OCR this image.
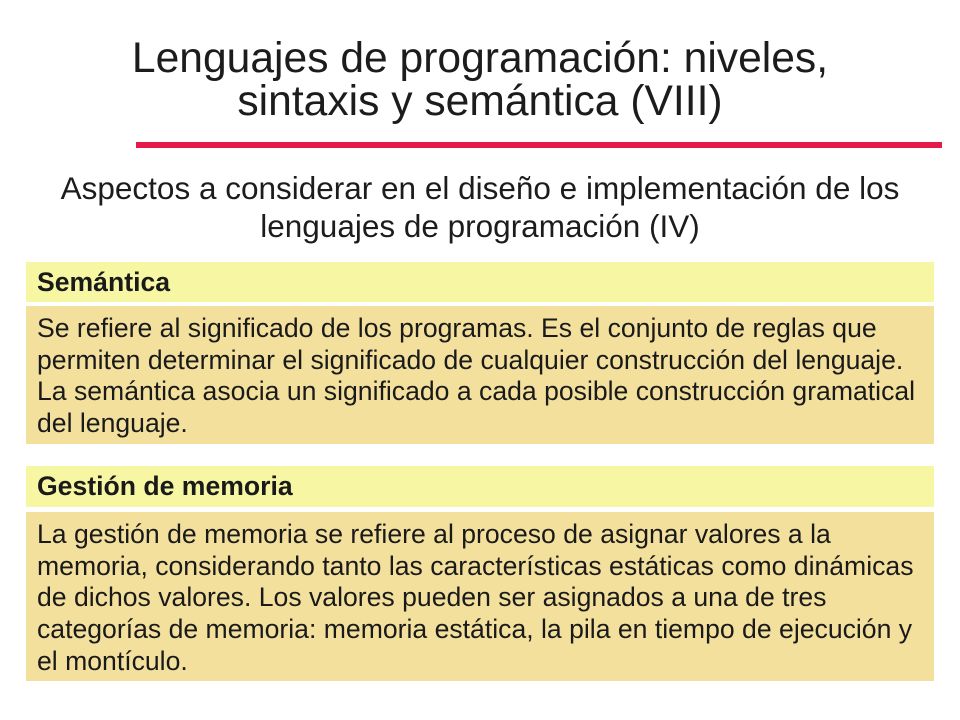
Lenguajes de programación: niveles,
sintaxis y semántica (VIII)
Aspectos a considerar en el diseño e implementación de los
lenguajes de programación (IV)
Semántica
Se refiere al significado de los programas. Es el conjunto de reglas que
permiten determinar el significado de cualquier construcción del lenguaje.
La semántica asocia un significado a cada posible construcción gramatical
del lenguaje.
Gestión de memoria
La gestión de memoria se refiere al proceso de asignar valores a la
memoria, considerando tanto las características estáticas como dinámicas
de dichos valores. Los valores pueden ser asignados a una de tres
categorías de memoria: memoria estática, la pila en tiempo de ejecución y
el montículo.
